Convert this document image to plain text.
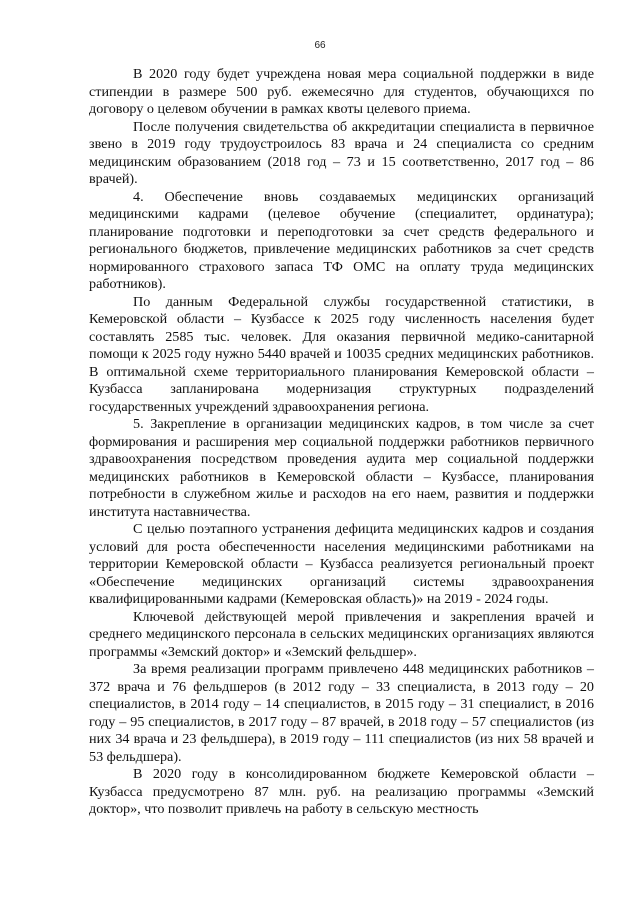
66

В 2020 году будет учреждена новая мера социальной поддержки в виде стипендии в размере 500 руб. ежемесячно для студентов, обучающихся по договору о целевом обучении в рамках квоты целевого приема.

После получения свидетельства об аккредитации специалиста в первичное звено в 2019 году трудоустроилось 83 врача и 24 специалиста со средним медицинским образованием (2018 год – 73 и 15 соответственно, 2017 год – 86 врачей).

4. Обеспечение вновь создаваемых медицинских организаций медицинскими кадрами (целевое обучение (специалитет, ординатура); планирование подготовки и переподготовки за счет средств федерального и регионального бюджетов, привлечение медицинских работников за счет средств нормированного страхового запаса ТФ ОМС на оплату труда медицинских работников).

По данным Федеральной службы государственной статистики, в Кемеровской области – Кузбассе к 2025 году численность населения будет составлять 2585 тыс. человек. Для оказания первичной медико-санитарной помощи к 2025 году нужно 5440 врачей и 10035 средних медицинских работников. В оптимальной схеме территориального планирования Кемеровской области – Кузбасса запланирована модернизация структурных подразделений государственных учреждений здравоохранения региона.

5. Закрепление в организации медицинских кадров, в том числе за счет формирования и расширения мер социальной поддержки работников первичного здравоохранения посредством проведения аудита мер социальной поддержки медицинских работников в Кемеровской области – Кузбассе, планирования потребности в служебном жилье и расходов на его наем, развития и поддержки института наставничества.

С целью поэтапного устранения дефицита медицинских кадров и создания условий для роста обеспеченности населения медицинскими работниками на территории Кемеровской области – Кузбасса реализуется региональный проект «Обеспечение медицинских организаций системы здравоохранения квалифицированными кадрами (Кемеровская область)» на 2019 - 2024 годы.

Ключевой действующей мерой привлечения и закрепления врачей и среднего медицинского персонала в сельских медицинских организациях являются программы «Земский доктор» и «Земский фельдшер».

За время реализации программ привлечено 448 медицинских работников – 372 врача и 76 фельдшеров (в 2012 году – 33 специалиста, в 2013 году – 20 специалистов, в 2014 году – 14 специалистов, в 2015 году – 31 специалист, в 2016 году – 95 специалистов, в 2017 году – 87 врачей, в 2018 году – 57 специалистов (из них 34 врача и 23 фельдшера), в 2019 году – 111 специалистов (из них 58 врачей и 53 фельдшера).

В 2020 году в консолидированном бюджете Кемеровской области – Кузбасса предусмотрено 87 млн. руб. на реализацию программы «Земский доктор», что позволит привлечь на работу в сельскую местность
